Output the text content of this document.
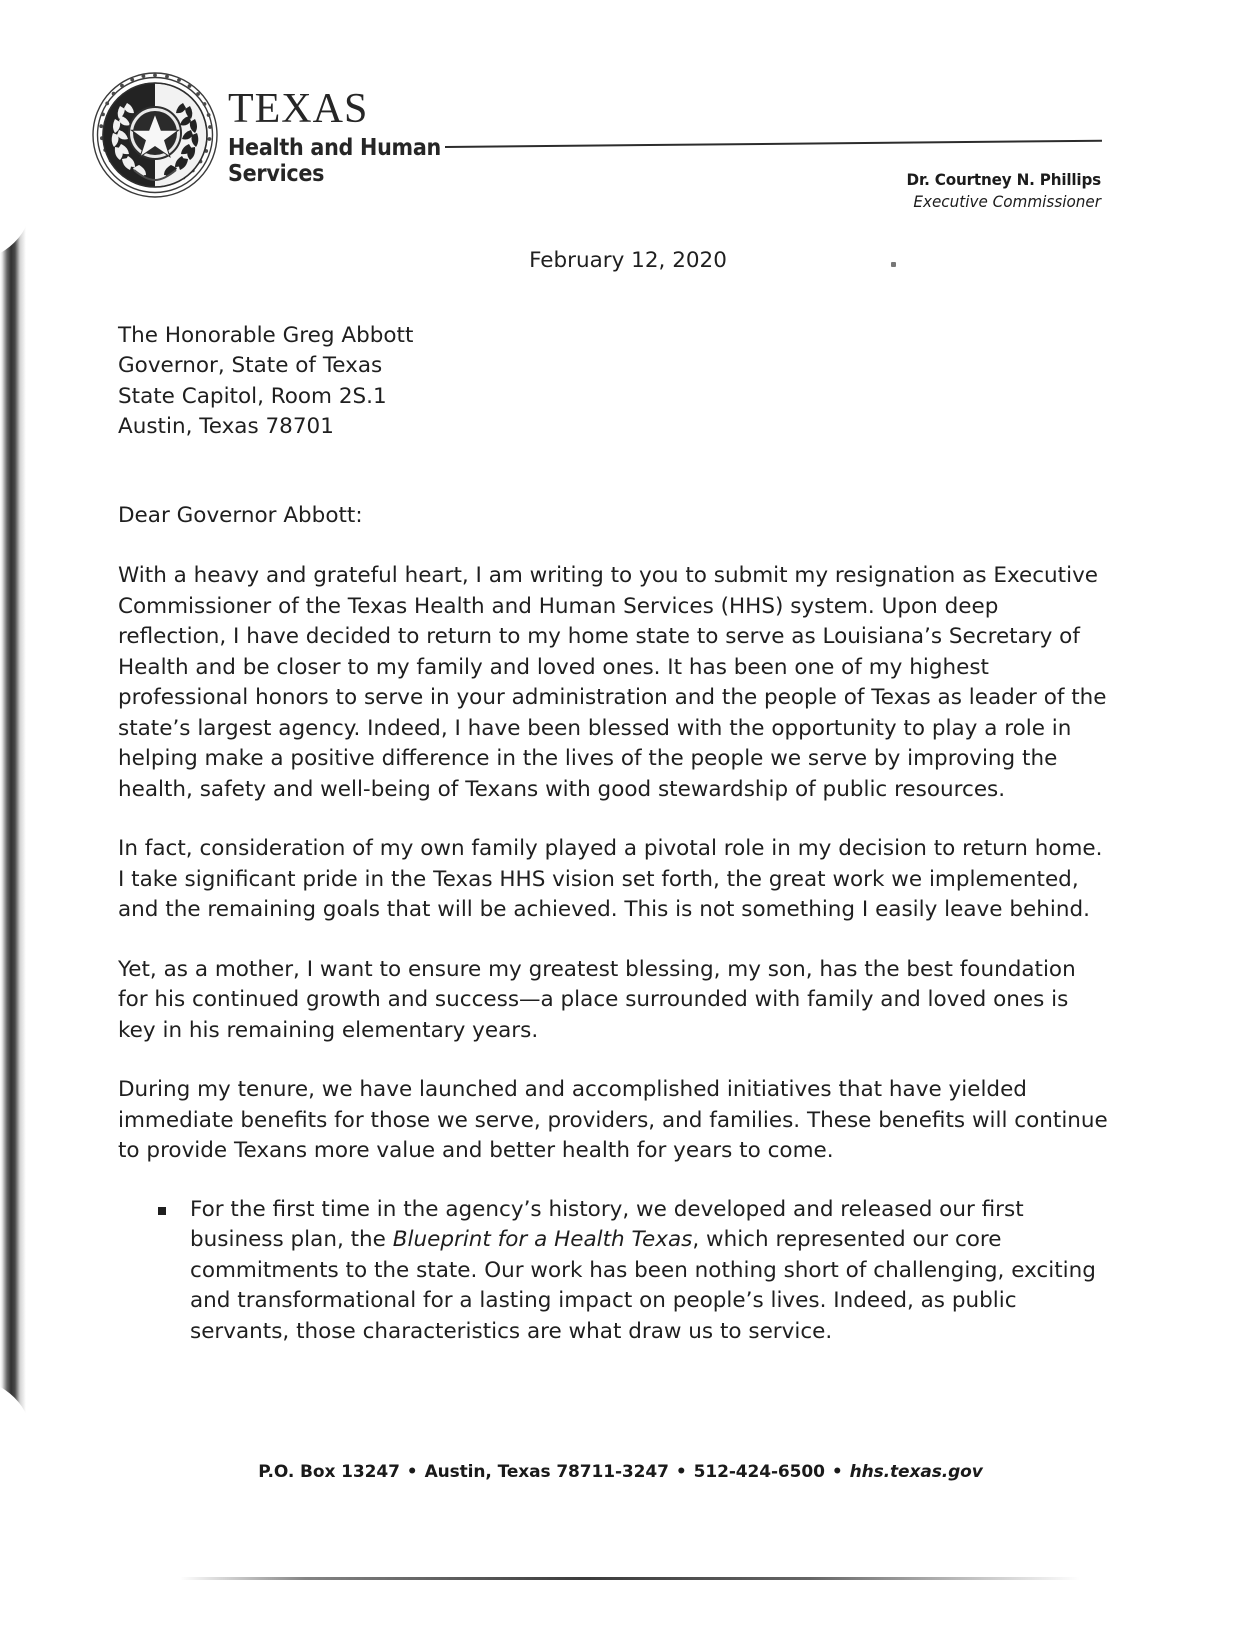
TEXAS
Health and Human
Services	Dr. Courtney N. Phillips
Executive Commissioner
February 12, 2020
The Honorable Greg Abbott
Governor, State of Texas
State Capitol, Room 2S.1
Austin, Texas 78701
Dear Governor Abbott:

With a heavy and grateful heart, I am writing to you to submit my resignation as Executive Commissioner of the Texas Health and Human Services (HHS) system. Upon deep reflection, I have decided to return to my home state to serve as Louisiana’s Secretary of Health and be closer to my family and loved ones. It has been one of my highest professional honors to serve in your administration and the people of Texas as leader of the state’s largest agency. Indeed, I have been blessed with the opportunity to play a role in helping make a positive difference in the lives of the people we serve by improving the health, safety and well-being of Texans with good stewardship of public resources.

In fact, consideration of my own family played a pivotal role in my decision to return home. I take significant pride in the Texas HHS vision set forth, the great work we implemented, and the remaining goals that will be achieved. This is not something I easily leave behind.

Yet, as a mother, I want to ensure my greatest blessing, my son, has the best foundation for his continued growth and success—a place surrounded with family and loved ones is key in his remaining elementary years.

During my tenure, we have launched and accomplished initiatives that have yielded immediate benefits for those we serve, providers, and families. These benefits will continue to provide Texans more value and better health for years to come.

For the first time in the agency’s history, we developed and released our first business plan, the Blueprint for a Health Texas, which represented our core commitments to the state. Our work has been nothing short of challenging, exciting and transformational for a lasting impact on people’s lives. Indeed, as public servants, those characteristics are what draw us to service.
P.O. Box 13247 • Austin, Texas 78711-3247 • 512-424-6500 • hhs.texas.gov
